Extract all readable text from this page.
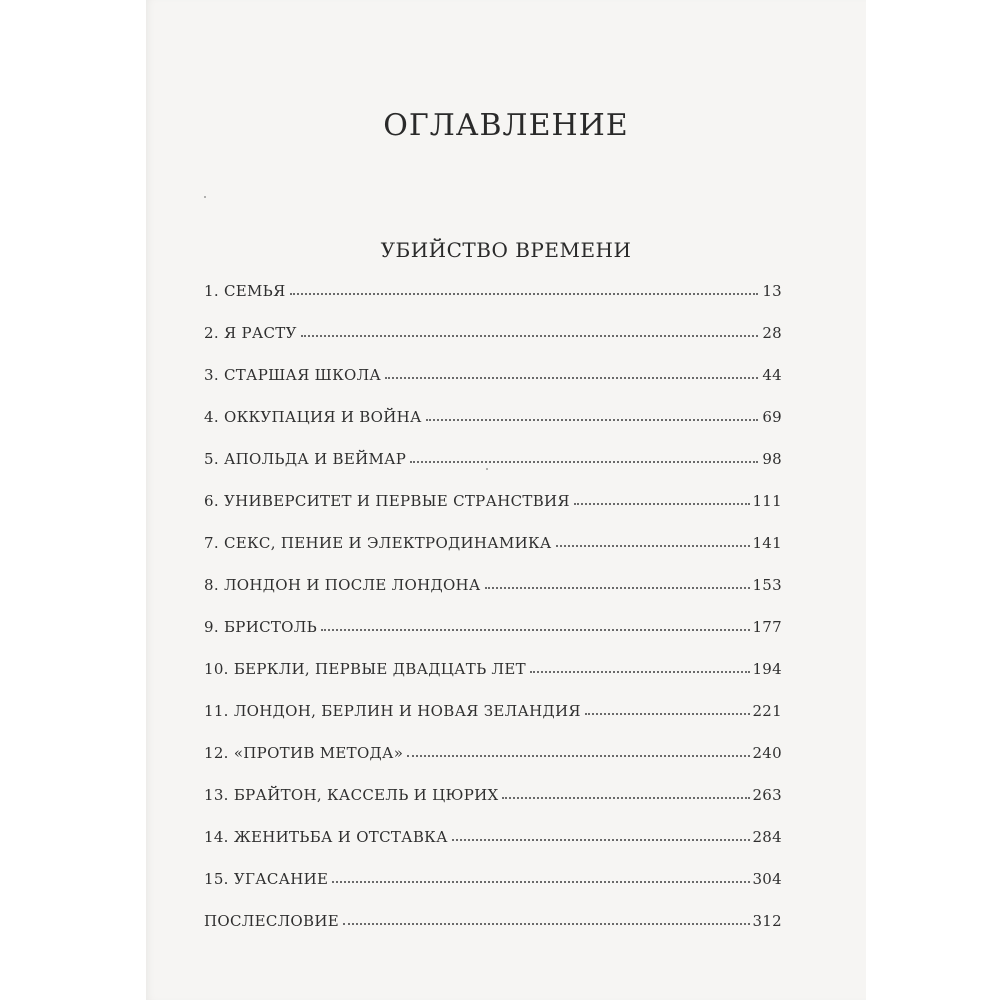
ОГЛАВЛЕНИЕ
УБИЙСТВО ВРЕМЕНИ
1. СЕМЬЯ	13
2. Я РАСТУ	28
3. СТАРШАЯ ШКОЛА	44
4. ОККУПАЦИЯ И ВОЙНА	69
5. АПОЛЬДА И ВЕЙМАР	98
6. УНИВЕРСИТЕТ И ПЕРВЫЕ СТРАНСТВИЯ	111
7. СЕКС, ПЕНИЕ И ЭЛЕКТРОДИНАМИКА	141
8. ЛОНДОН И ПОСЛЕ ЛОНДОНА	153
9. БРИСТОЛЬ	177
10. БЕРКЛИ, ПЕРВЫЕ ДВАДЦАТЬ ЛЕТ	194
11. ЛОНДОН, БЕРЛИН И НОВАЯ ЗЕЛАНДИЯ	221
12. «ПРОТИВ МЕТОДА»	240
13. БРАЙТОН, КАССЕЛЬ И ЦЮРИХ	263
14. ЖЕНИТЬБА И ОТСТАВКА	284
15. УГАСАНИЕ	304
ПОСЛЕСЛОВИЕ	312
